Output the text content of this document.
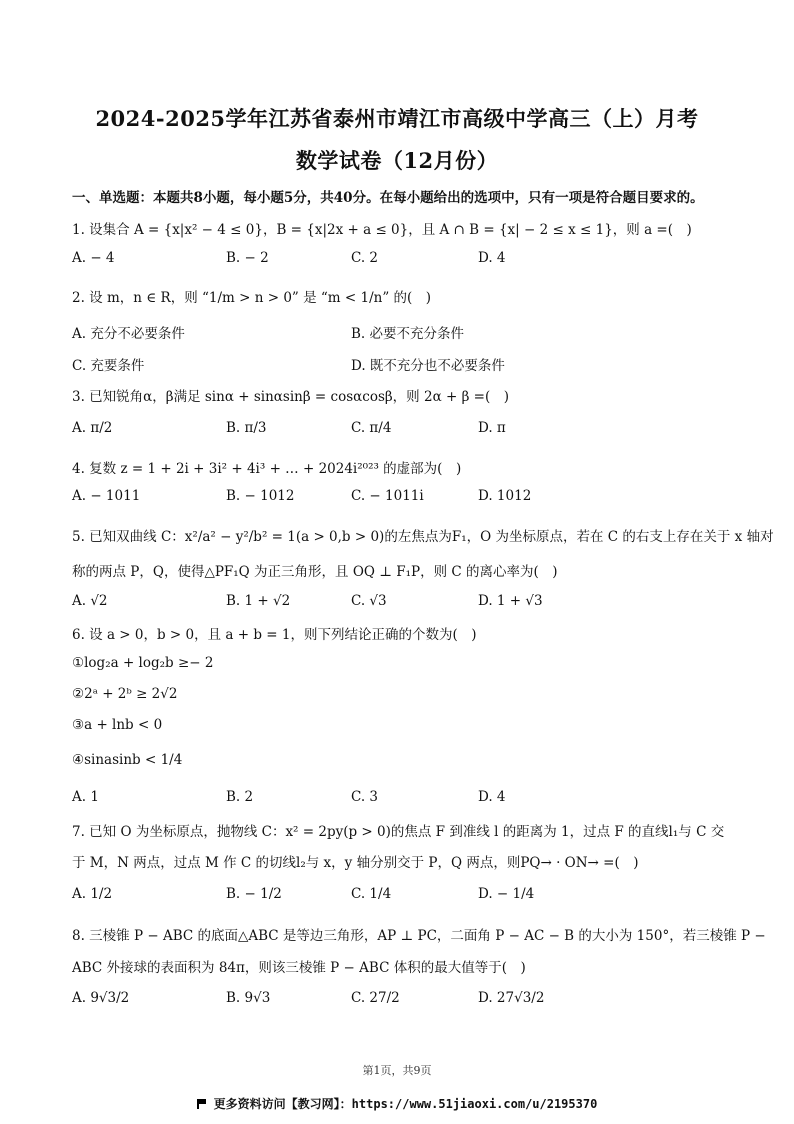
2024-2025学年江苏省泰州市靖江市高级中学高三（上）月考
数学试卷（12月份）
一、单选题：本题共8小题，每小题5分，共40分。在每小题给出的选项中，只有一项是符合题目要求的。
1. 设集合 A = {x|x² − 4 ≤ 0}，B = {x|2x + a ≤ 0}，且 A ∩ B = {x| − 2 ≤ x ≤ 1}，则 a =(　)
A. − 4	B. − 2	C. 2	D. 4
2. 设 m，n ∈ R，则 “1/m > n > 0” 是 “m < 1/n” 的(　)
A. 充分不必要条件	B. 必要不充分条件
C. 充要条件	D. 既不充分也不必要条件
3. 已知锐角α，β满足 sinα + sinαsinβ = cosαcosβ，则 2α + β =(　)
A. π/2	B. π/3	C. π/4	D. π
4. 复数 z = 1 + 2i + 3i² + 4i³ + … + 2024i²⁰²³ 的虚部为(　)
A. − 1011	B. − 1012	C. − 1011i	D. 1012
5. 已知双曲线 C：x²/a² − y²/b² = 1(a > 0,b > 0)的左焦点为F₁，O 为坐标原点，若在 C 的右支上存在关于 x 轴对
称的两点 P，Q，使得△PF₁Q 为正三角形，且 OQ ⊥ F₁P，则 C 的离心率为(　)
A. √2	B. 1 + √2	C. √3	D. 1 + √3
6. 设 a > 0，b > 0，且 a + b = 1，则下列结论正确的个数为(　)
①log₂a + log₂b ≥− 2
②2ᵃ + 2ᵇ ≥ 2√2
③a + lnb < 0
④sinasinb < 1/4
A. 1	B. 2	C. 3	D. 4
7. 已知 O 为坐标原点，抛物线 C：x² = 2py(p > 0)的焦点 F 到准线 l 的距离为 1，过点 F 的直线l₁与 C 交
于 M，N 两点，过点 M 作 C 的切线l₂与 x，y 轴分别交于 P，Q 两点，则PQ→ · ON→ =(　)
A. 1/2	B. − 1/2	C. 1/4	D. − 1/4
8. 三棱锥 P − ABC 的底面△ABC 是等边三角形，AP ⊥ PC，二面角 P − AC − B 的大小为 150°，若三棱锥 P −
ABC 外接球的表面积为 84π，则该三棱锥 P − ABC 体积的最大值等于(　)
A. 9√3/2	B. 9√3	C. 27/2	D. 27√3/2
第1页，共9页
更多资料访问【教习网】：https://www.51jiaoxi.com/u/2195370
